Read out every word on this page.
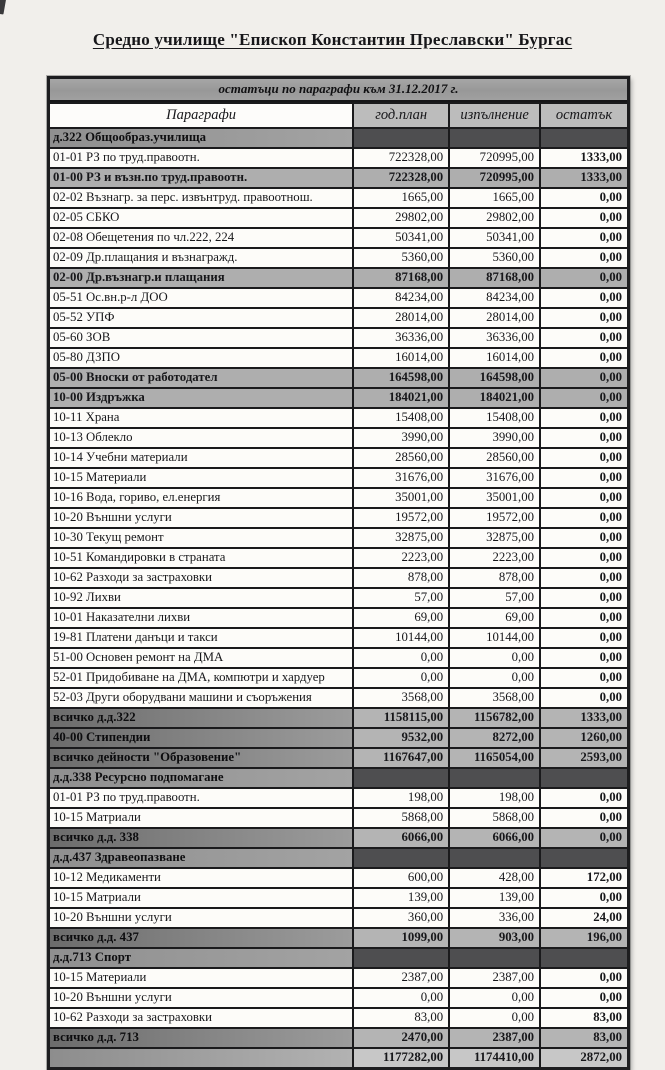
Средно училище "Епископ Константин Преславски" Бургас
остатъци по параграфи към 31.12.2017 г.
Параграфи	год.план	изпълнение	остатък
д.322 Общообраз.училища			
01-01 РЗ по труд.правоотн.	722328,00	720995,00	1333,00
01-00 РЗ и възн.по труд.правоотн.	722328,00	720995,00	1333,00
02-02 Възнагр. за перс. извънтруд. правоотнош.	1665,00	1665,00	0,00
02-05 СБКО	29802,00	29802,00	0,00
02-08 Обещетения по чл.222, 224	50341,00	50341,00	0,00
02-09 Др.плащания и възнагражд.	5360,00	5360,00	0,00
02-00 Др.възнагр.и плащания	87168,00	87168,00	0,00
05-51 Ос.вн.р-л ДОО	84234,00	84234,00	0,00
05-52 УПФ	28014,00	28014,00	0,00
05-60 ЗОВ	36336,00	36336,00	0,00
05-80 ДЗПО	16014,00	16014,00	0,00
05-00 Вноски от работодател	164598,00	164598,00	0,00
10-00 Издръжка	184021,00	184021,00	0,00
10-11 Храна	15408,00	15408,00	0,00
10-13 Облекло	3990,00	3990,00	0,00
10-14 Учебни материали	28560,00	28560,00	0,00
10-15 Материали	31676,00	31676,00	0,00
10-16 Вода, гориво, ел.енергия	35001,00	35001,00	0,00
10-20 Външни услуги	19572,00	19572,00	0,00
10-30 Текущ ремонт	32875,00	32875,00	0,00
10-51 Командировки в страната	2223,00	2223,00	0,00
10-62 Разходи за застраховки	878,00	878,00	0,00
10-92 Лихви	57,00	57,00	0,00
10-01 Наказателни лихви	69,00	69,00	0,00
19-81 Платени данъци и такси	10144,00	10144,00	0,00
51-00 Основен ремонт на ДМА	0,00	0,00	0,00
52-01 Придобиване на ДМА, компютри и хардуер	0,00	0,00	0,00
52-03 Други оборудвани машини и съоръжения	3568,00	3568,00	0,00
всичко д.д.322	1158115,00	1156782,00	1333,00
40-00 Стипендии	9532,00	8272,00	1260,00
всичко дейности "Образовение"	1167647,00	1165054,00	2593,00
д.д.338 Ресурсно подпомагане			
01-01 РЗ по труд.правоотн.	198,00	198,00	0,00
10-15 Матриали	5868,00	5868,00	0,00
всичко д.д. 338	6066,00	6066,00	0,00
д.д.437 Здравеопазване			
10-12 Медикаменти	600,00	428,00	172,00
10-15 Матриали	139,00	139,00	0,00
10-20 Външни услуги	360,00	336,00	24,00
всичко д.д. 437	1099,00	903,00	196,00
д.д.713 Спорт			
10-15 Материали	2387,00	2387,00	0,00
10-20 Външни услуги	0,00	0,00	0,00
10-62 Разходи за застраховки	83,00	0,00	83,00
всичко д.д. 713	2470,00	2387,00	83,00
	1177282,00	1174410,00	2872,00
